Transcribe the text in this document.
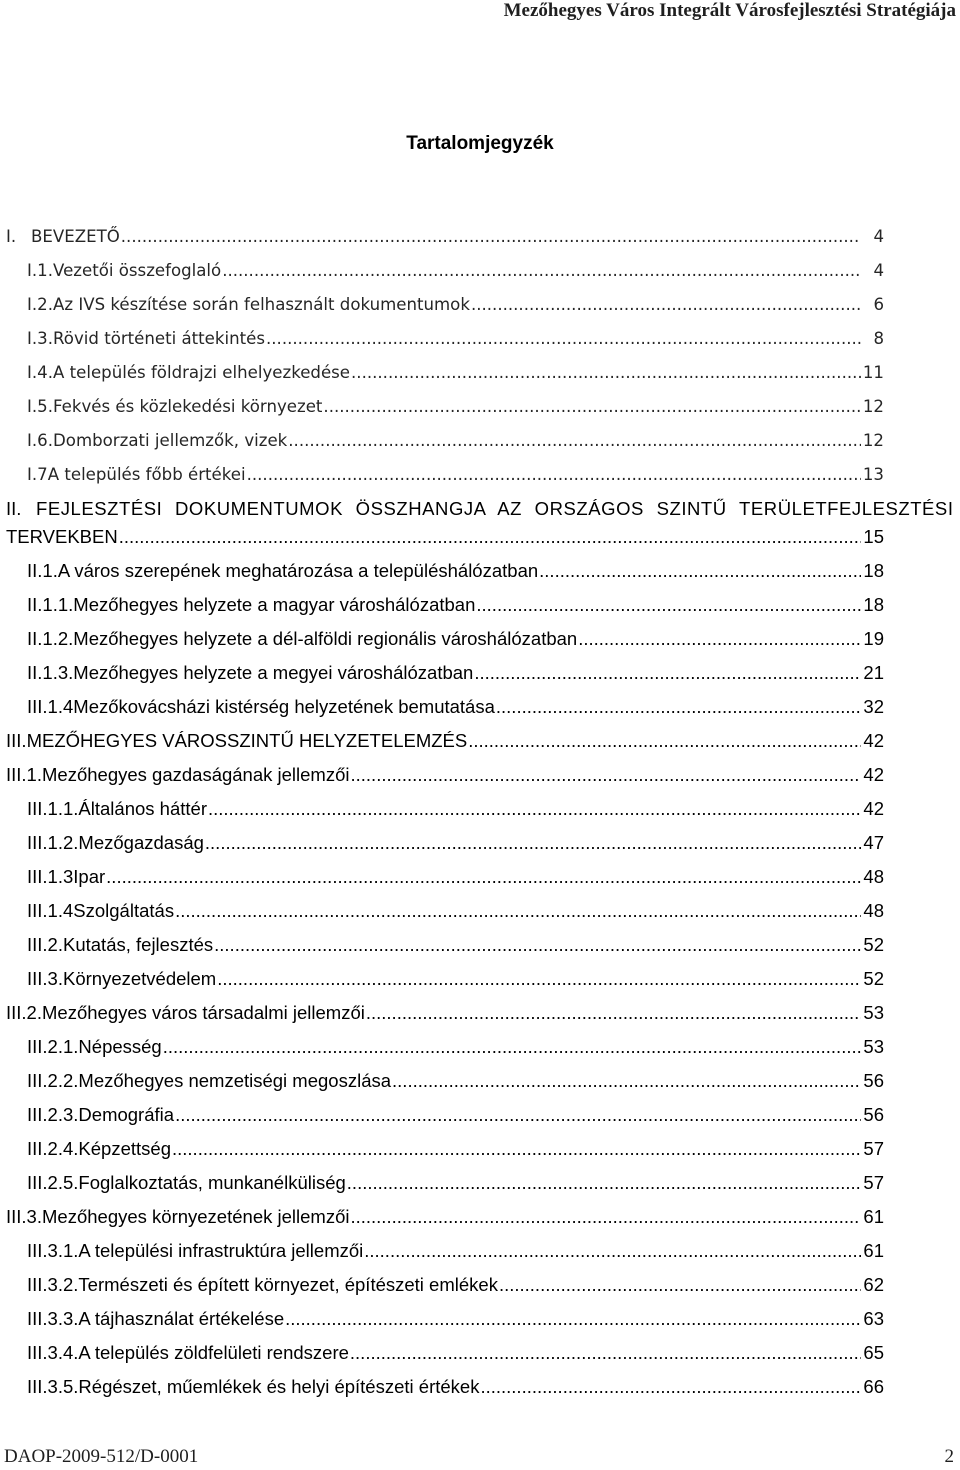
Mezőhegyes Város Integrált Városfejlesztési Stratégiája
Tartalomjegyzék
I. BEVEZETŐ .....	4
I.1. Vezetői összefoglaló .....	4
I.2. Az IVS készítése során felhasznált dokumentumok .....	6
I.3. Rövid történeti áttekintés .....	8
I.4. A település földrajzi elhelyezkedése .....	11
I.5. Fekvés és közlekedési környezet .....	12
I.6. Domborzati jellemzők, vizek .....	12
I.7 A település főbb értékei .....	13
II. FEJLESZTÉSI DOKUMENTUMOK ÖSSZHANGJA AZ ORSZÁGOS SZINTŰ TERÜLETFEJLESZTÉSI
TERVEKBEN .....	15
II.1. A város szerepének meghatározása a településhálózatban .....	18
II.1.1. Mezőhegyes helyzete a magyar városhálózatban .....	18
II.1.2. Mezőhegyes helyzete a dél-alföldi regionális városhálózatban .....	19
II.1.3. Mezőhegyes helyzete a megyei városhálózatban .....	21
III.1.4 Mezőkovácsházi kistérség helyzetének bemutatása .....	32
III. MEZŐHEGYES VÁROSSZINTŰ HELYZETELEMZÉS .....	42
III.1. Mezőhegyes gazdaságának jellemzői .....	42
III.1.1. Általános háttér .....	42
III.1.2. Mezőgazdaság .....	47
III.1.3 Ipar .....	48
III.1.4 Szolgáltatás .....	48
III.2. Kutatás, fejlesztés .....	52
III.3. Környezetvédelem .....	52
III.2. Mezőhegyes város társadalmi jellemzői .....	53
III.2.1. Népesség .....	53
III.2.2. Mezőhegyes nemzetiségi megoszlása .....	56
III.2.3. Demográfia .....	56
III.2.4. Képzettség .....	57
III.2.5. Foglalkoztatás, munkanélküliség .....	57
III.3. Mezőhegyes környezetének jellemzői .....	61
III.3.1. A települési infrastruktúra jellemzői .....	61
III.3.2. Természeti és épített környezet, építészeti emlékek .....	62
III.3.3. A tájhasználat értékelése .....	63
III.3.4. A település zöldfelületi rendszere .....	65
III.3.5. Régészet, műemlékek és helyi építészeti értékek .....	66
DAOP-2009-512/D-0001	2
